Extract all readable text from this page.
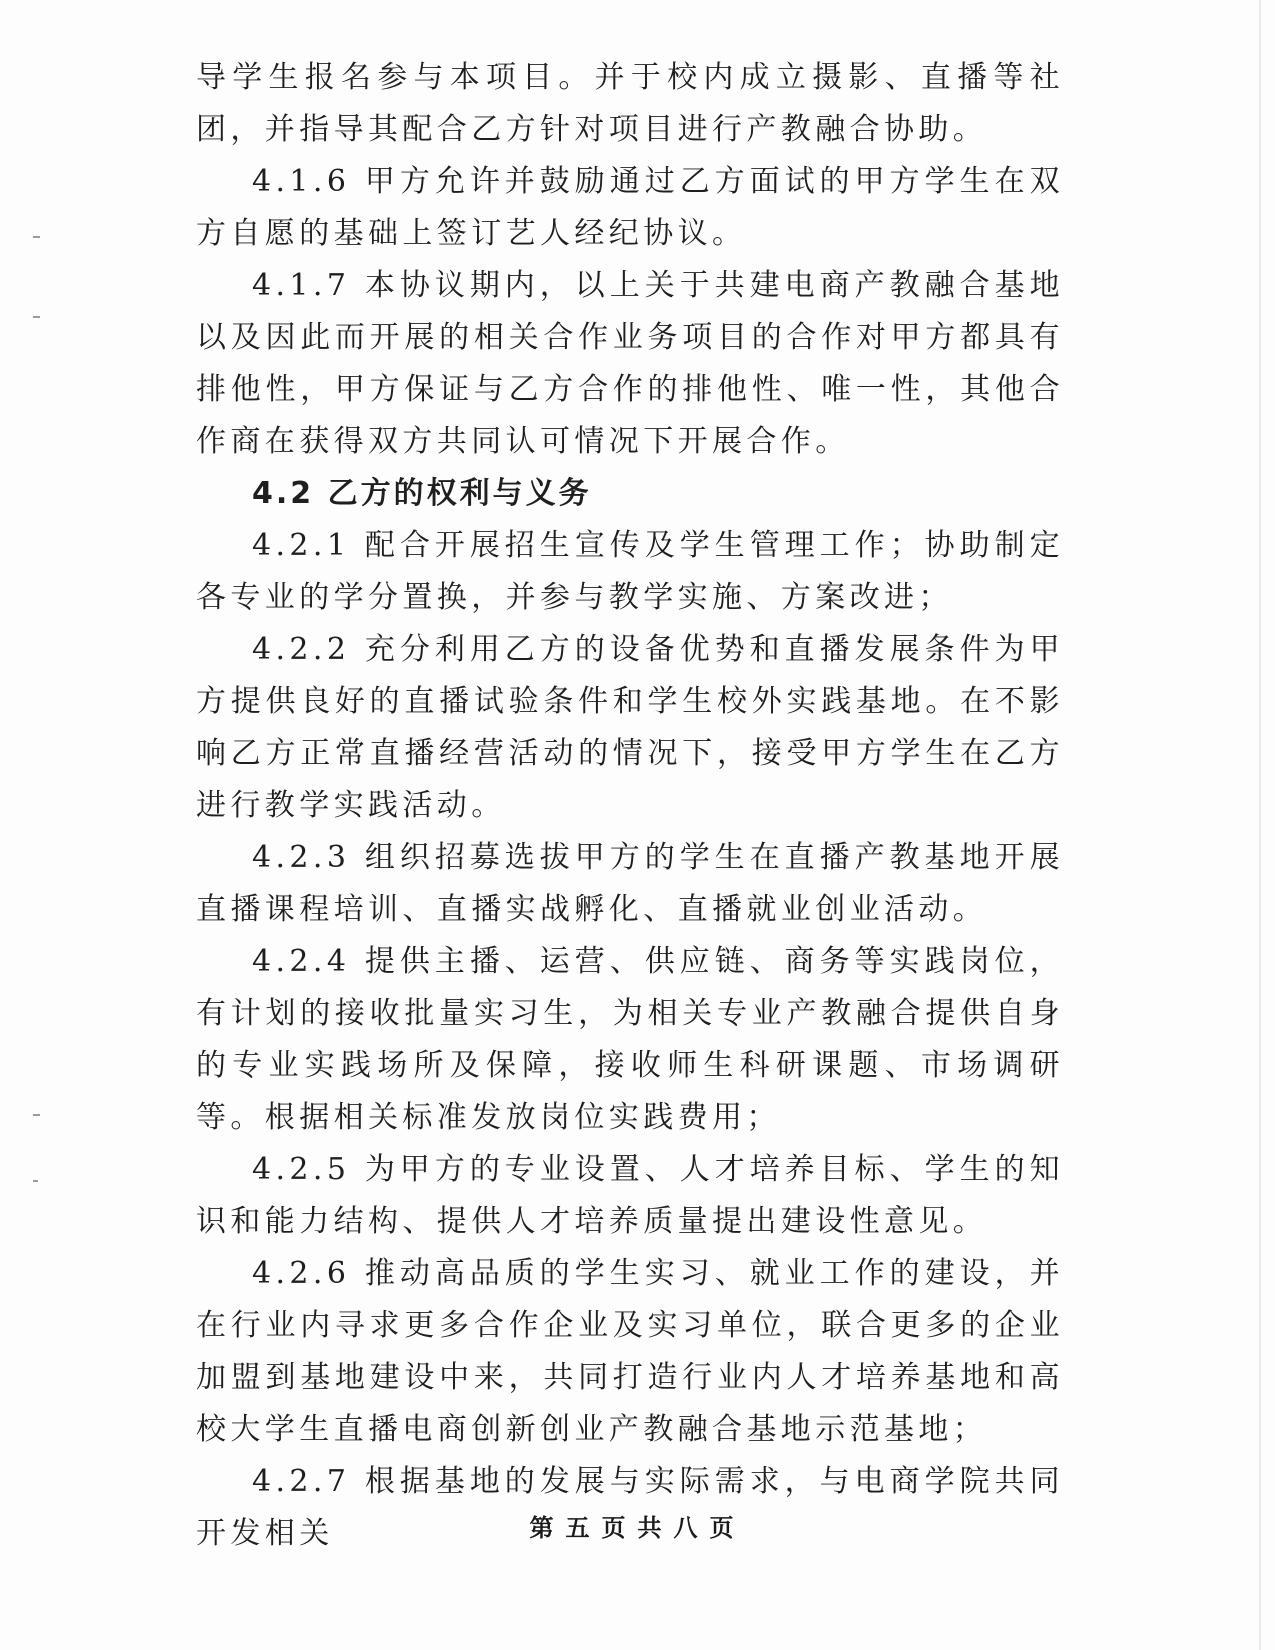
导学生报名参与本项目。并于校内成立摄影、直播等社团，并指导其配合乙方针对项目进行产教融合协助。

4.1.6 甲方允许并鼓励通过乙方面试的甲方学生在双方自愿的基础上签订艺人经纪协议。

4.1.7 本协议期内，以上关于共建电商产教融合基地以及因此而开展的相关合作业务项目的合作对甲方都具有排他性，甲方保证与乙方合作的排他性、唯一性，其他合作商在获得双方共同认可情况下开展合作。

4.2 乙方的权利与义务

4.2.1 配合开展招生宣传及学生管理工作；协助制定各专业的学分置换，并参与教学实施、方案改进；

4.2.2 充分利用乙方的设备优势和直播发展条件为甲方提供良好的直播试验条件和学生校外实践基地。在不影响乙方正常直播经营活动的情况下，接受甲方学生在乙方进行教学实践活动。

4.2.3 组织招募选拔甲方的学生在直播产教基地开展直播课程培训、直播实战孵化、直播就业创业活动。

4.2.4 提供主播、运营、供应链、商务等实践岗位，有计划的接收批量实习生，为相关专业产教融合提供自身的专业实践场所及保障，接收师生科研课题、市场调研等。根据相关标准发放岗位实践费用；

4.2.5 为甲方的专业设置、人才培养目标、学生的知识和能力结构、提供人才培养质量提出建设性意见。

4.2.6 推动高品质的学生实习、就业工作的建设，并在行业内寻求更多合作企业及实习单位，联合更多的企业加盟到基地建设中来，共同打造行业内人才培养基地和高校大学生直播电商创新创业产教融合基地示范基地；

4.2.7 根据基地的发展与实际需求，与电商学院共同开发相关	第五页共八页
